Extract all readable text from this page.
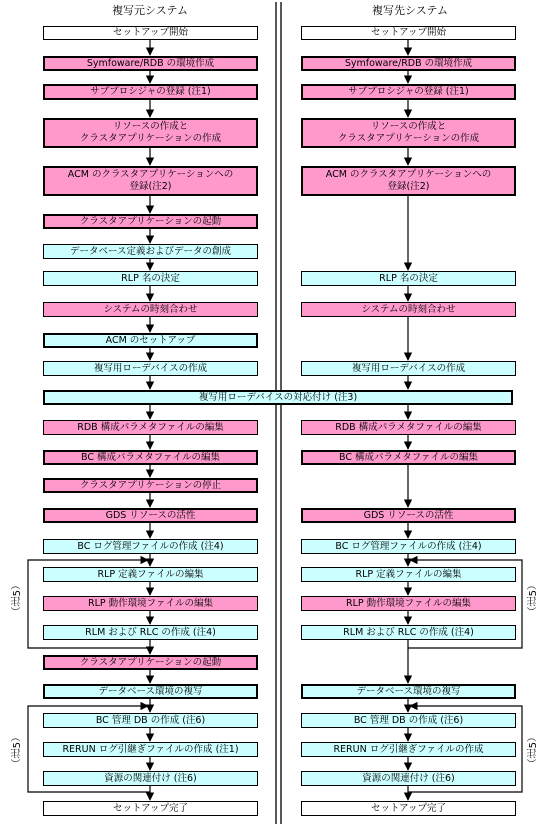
複写元システム	複写先システム
セットアップ開始
Symfoware/RDB の環境作成
サブプロシジャの登録 (注1)
リソースの作成と
クラスタアプリケーションの作成
ACM のクラスタアプリケーションへの
登録(注2)
クラスタアプリケーションの起動
データベース定義およびデータの創成
RLP 名の決定
システムの時刻合わせ
ACM のセットアップ
複写用ローデバイスの作成
複写用ローデバイスの対応付け (注3)
RDB 構成パラメタファイルの編集
BC 構成パラメタファイルの編集
クラスタアプリケーションの停止
GDS リソースの活性
BC ログ管理ファイルの作成 (注4)
RLP 定義ファイルの編集
RLP 動作環境ファイルの編集
RLM および RLC の作成 (注4)
クラスタアプリケーションの起動
データベース環境の複写
BC 管理 DB の作成 (注6)
RERUN ログ引継ぎファイルの作成 (注1)
資源の関連付け (注6)
セットアップ完了
（注5）
（注5）
セットアップ開始
Symfoware/RDB の環境作成
サブプロシジャの登録 (注1)
リソースの作成と
クラスタアプリケーションの作成
ACM のクラスタアプリケーションへの
登録(注2)
RLP 名の決定
システムの時刻合わせ
複写用ローデバイスの作成
RDB 構成パラメタファイルの編集
BC 構成パラメタファイルの編集
GDS リソースの活性
BC ログ管理ファイルの作成 (注4)
RLP 定義ファイルの編集
RLP 動作環境ファイルの編集
RLM および RLC の作成 (注4)
データベース環境の複写
BC 管理 DB の作成 (注6)
RERUN ログ引継ぎファイルの作成
資源の関連付け (注6)
セットアップ完了
（注5）
（注5）
